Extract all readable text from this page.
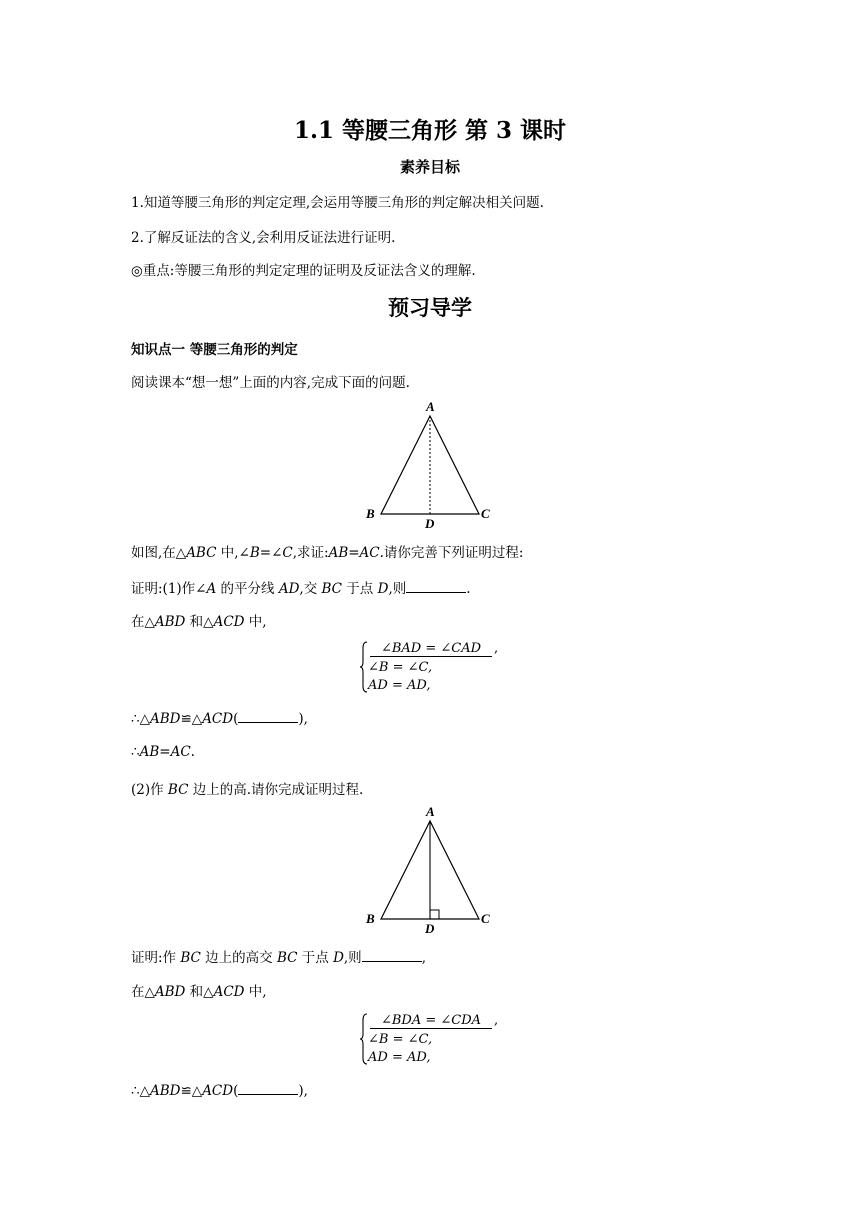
1.1 等腰三角形 第 3 课时
素养目标
1.知道等腰三角形的判定定理,会运用等腰三角形的判定解决相关问题.
2.了解反证法的含义,会利用反证法进行证明.
◎重点:等腰三角形的判定定理的证明及反证法含义的理解.
预习导学
知识点一 等腰三角形的判定
阅读课本“想一想”上面的内容,完成下面的问题.
A
B	C
D
如图,在△ABC 中,∠B=∠C,求证:AB=AC.请你完善下列证明过程:
证明:(1)作∠A 的平分线 AD,交 BC 于点 D,则	.
在△ABD 和△ACD 中,
∠BAD = ∠CAD ,
∠B = ∠C,
AD = AD,
∴△ABD≌△ACD(	),
∴AB=AC.
(2)作 BC 边上的高.请你完成证明过程.
A
B	C
D
证明:作 BC 边上的高交 BC 于点 D,则	,
在△ABD 和△ACD 中,
∠BDA = ∠CDA ,
∠B = ∠C,
AD = AD,
∴△ABD≌△ACD(	),
